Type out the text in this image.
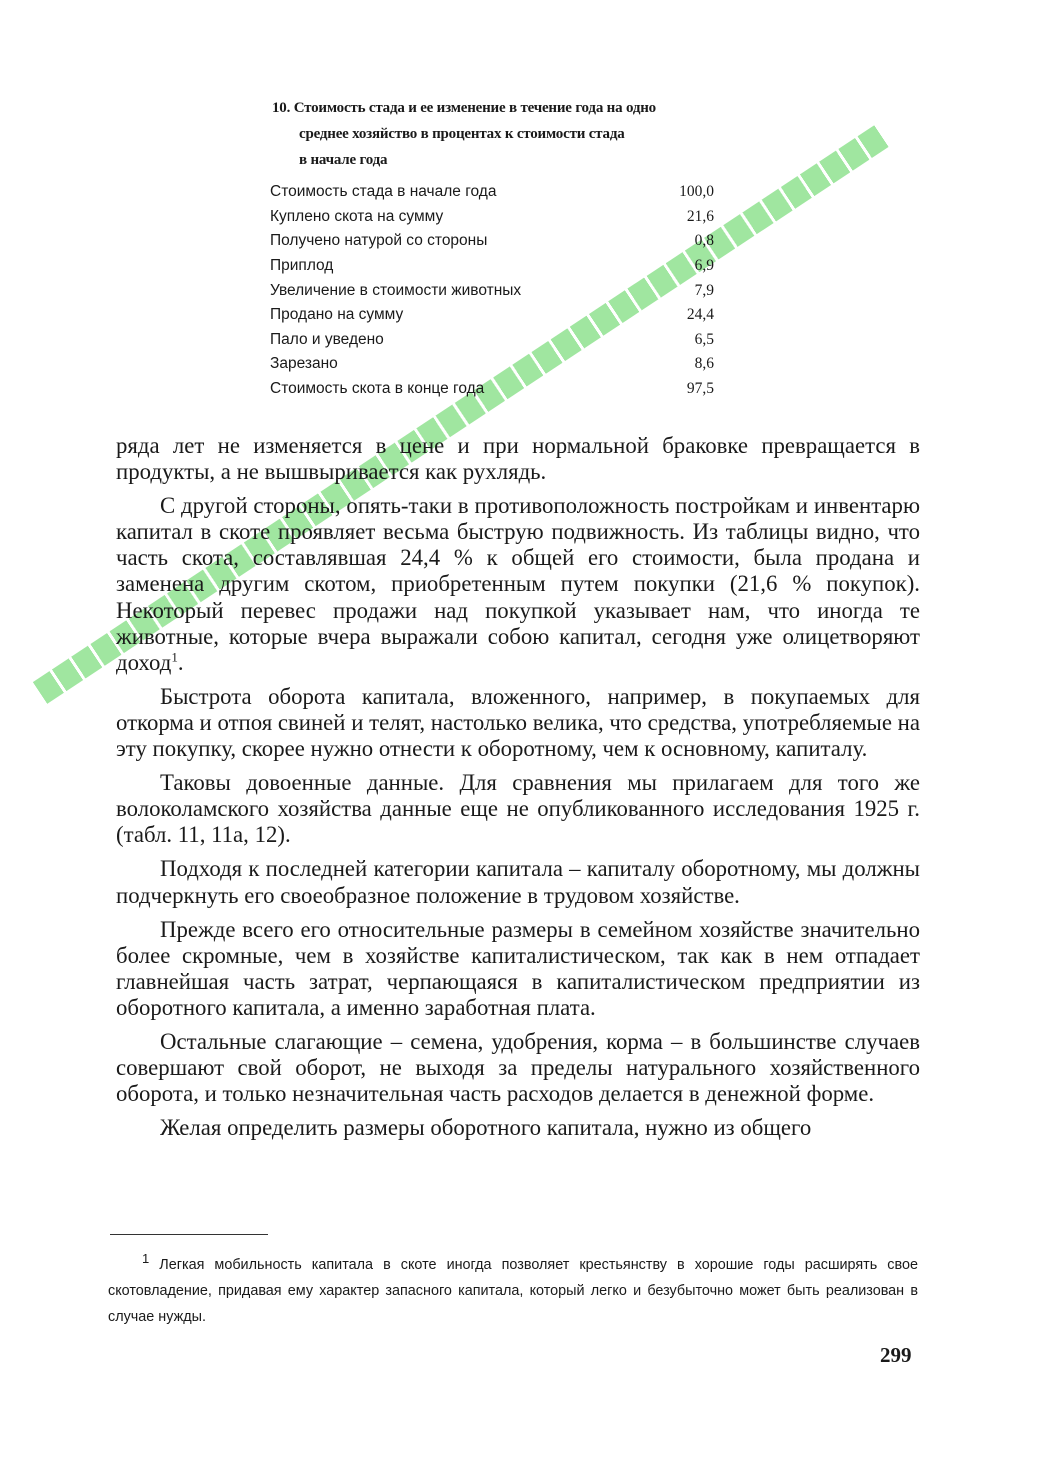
10. Стоимость стада и ее изменение в течение года на одно
среднее хозяйство в процентах к стоимости стада
в начале года
Стоимость стада в начале года	100,0
Куплено скота на сумму	21,6
Получено натурой со стороны	0,8
Приплод	6,9
Увеличение в стоимости животных	7,9
Продано на сумму	24,4
Пало и уведено	6,5
Зарезано	8,6
Стоимость скота в конце года	97,5

ряда лет не изменяется в цене и при нормальной браковке превращается в продукты, а не вышвыривается как рухлядь.

С другой стороны, опять-таки в противоположность постройкам и инвентарю капитал в скоте проявляет весьма быструю подвижность. Из таблицы видно, что часть скота, составлявшая 24,4 % к общей его стоимости, была продана и заменена другим скотом, приобретенным путем покупки (21,6 % покупок). Некоторый перевес продажи над покупкой указывает нам, что иногда те животные, которые вчера выражали собою капитал, сегодня уже олицетворяют доход$^1$.

Быстрота оборота капитала, вложенного, например, в покупаемых для откорма и отпоя свиней и телят, настолько велика, что средства, употребляемые на эту покупку, скорее нужно отнести к оборотному, чем к основному, капиталу.

Таковы довоенные данные. Для сравнения мы прилагаем для того же волоколамского хозяйства данные еще не опубликованного исследования 1925 г. (табл. 11, 11а, 12).

Подходя к последней категории капитала – капиталу оборотному, мы должны подчеркнуть его своеобразное положение в трудовом хозяйстве.

Прежде всего его относительные размеры в семейном хозяйстве значительно более скромные, чем в хозяйстве капиталистическом, так как в нем отпадает главнейшая часть затрат, черпающаяся в капиталистическом предприятии из оборотного капитала, а именно заработная плата.

Остальные слагающие – семена, удобрения, корма – в большинстве случаев совершают свой оборот, не выходя за пределы натурального хозяйственного оборота, и только незначительная часть расходов делается в денежной форме.

Желая определить размеры оборотного капитала, нужно из общего

$^1$ Легкая мобильность капитала в скоте иногда позволяет крестьянству в хорошие годы расширять свое скотовладение, придавая ему характер запасного капитала, который легко и безубыточно может быть реализован в случае нужды.
299
